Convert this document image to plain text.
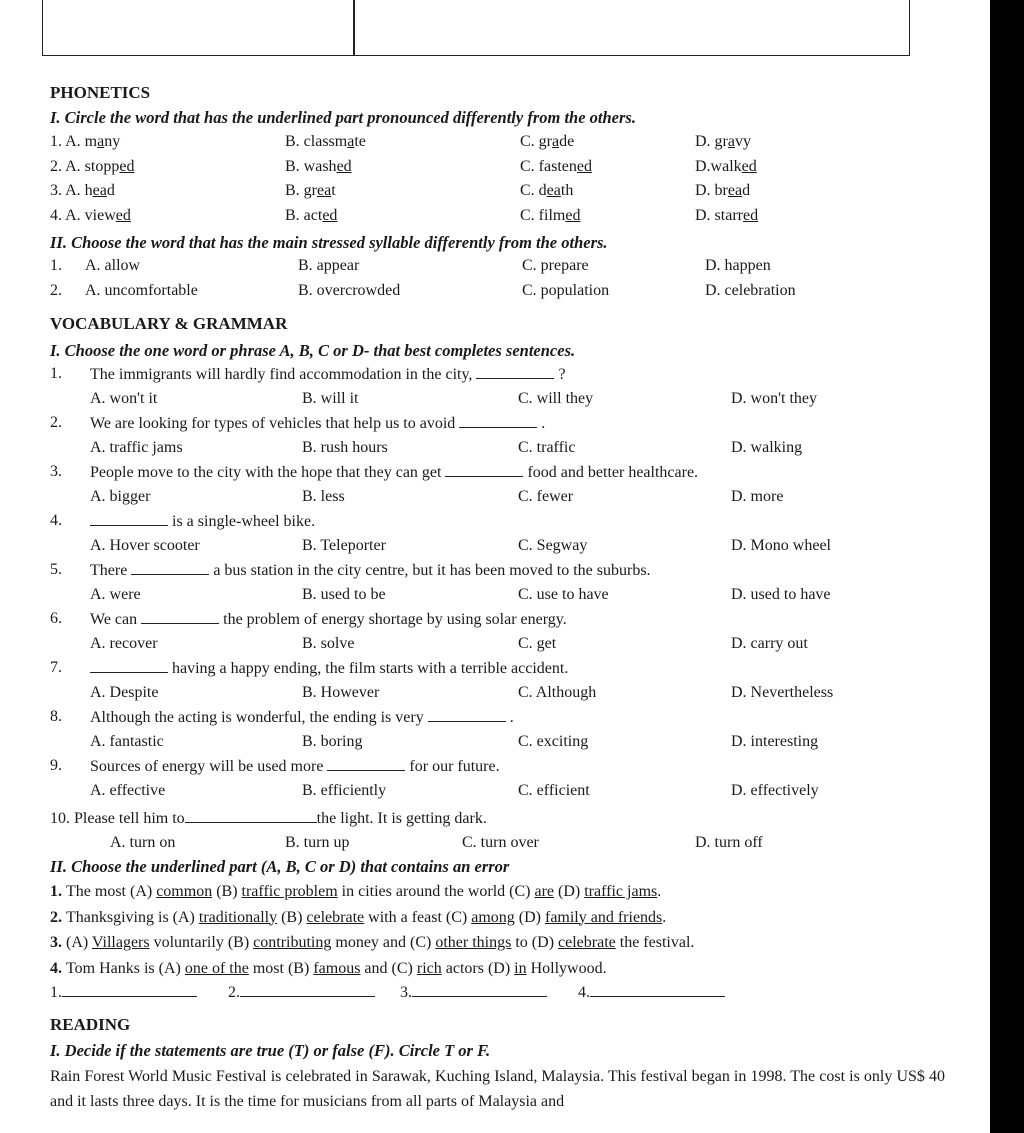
PHONETICS
I. Circle the word that has the underlined part pronounced differently from the others.
II. Choose the word that has the main stressed syllable differently from the others.
VOCABULARY & GRAMMAR
I. Choose the one word or phrase A, B, C or D- that best completes sentences.
II. Choose the underlined part (A, B, C or D) that contains an error
READING
I. Decide if the statements are true (T) or false (F). Circle T or F.
Rain Forest World Music Festival is celebrated in Sarawak, Kuching Island, Malaysia. This festival began in 1998. The cost is only US$ 40 and it lasts three days. It is the time for musicians from all parts of Malaysia and
1. A. many	B. classmate	C. grade	D. gravy
2. A. stopped	B. washed	C. fastened	D.walked
3. A. head	B. great	C. death	D. bread
4. A. viewed	B. acted	C. filmed	D. starred
1. A. allow	B. appear	C. prepare	D. happen
2. A. uncomfortable	B. overcrowded	C. population	D. celebration
1. The immigrants will hardly find accommodation in the city,	?
A. won't it	B. will it	C. will they	D. won't they
2. We are looking for types of vehicles that help us to avoid	.
A. traffic jams	B. rush hours	C. traffic	D. walking
3. People move to the city with the hope that they can get	food and better healthcare.
A. bigger	B. less	C. fewer	D. more
4.	is a single-wheel bike.
A. Hover scooter	B. Teleporter	C. Segway	D. Mono wheel
5. There	a bus station in the city centre, but it has been moved to the suburbs.
A. were	B. used to be	C. use to have	D. used to have
6. We can	the problem of energy shortage by using solar energy.
A. recover	B. solve	C. get	D. carry out
7.	having a happy ending, the film starts with a terrible accident.
A. Despite	B. However	C. Although	D. Nevertheless
8. Although the acting is wonderful, the ending is very	.
A. fantastic	B. boring	C. exciting	D. interesting
9. Sources of energy will be used more	for our future.
A. effective	B. efficiently	C. efficient	D. effectively
10. Please tell him to	the light. It is getting dark.
A. turn on	B. turn up	C. turn over	D. turn off
1. The most (A) common (B) traffic problem in cities around the world (C) are (D) traffic jams.
2. Thanksgiving is (A) traditionally (B) celebrate with a feast (C) among (D) family and friends.
3. (A) Villagers voluntarily (B) contributing money and (C) other things to (D) celebrate the festival.
4. Tom Hanks is (A) one of the most (B) famous and (C) rich actors (D) in Hollywood.
1.	2.	3.	4.
